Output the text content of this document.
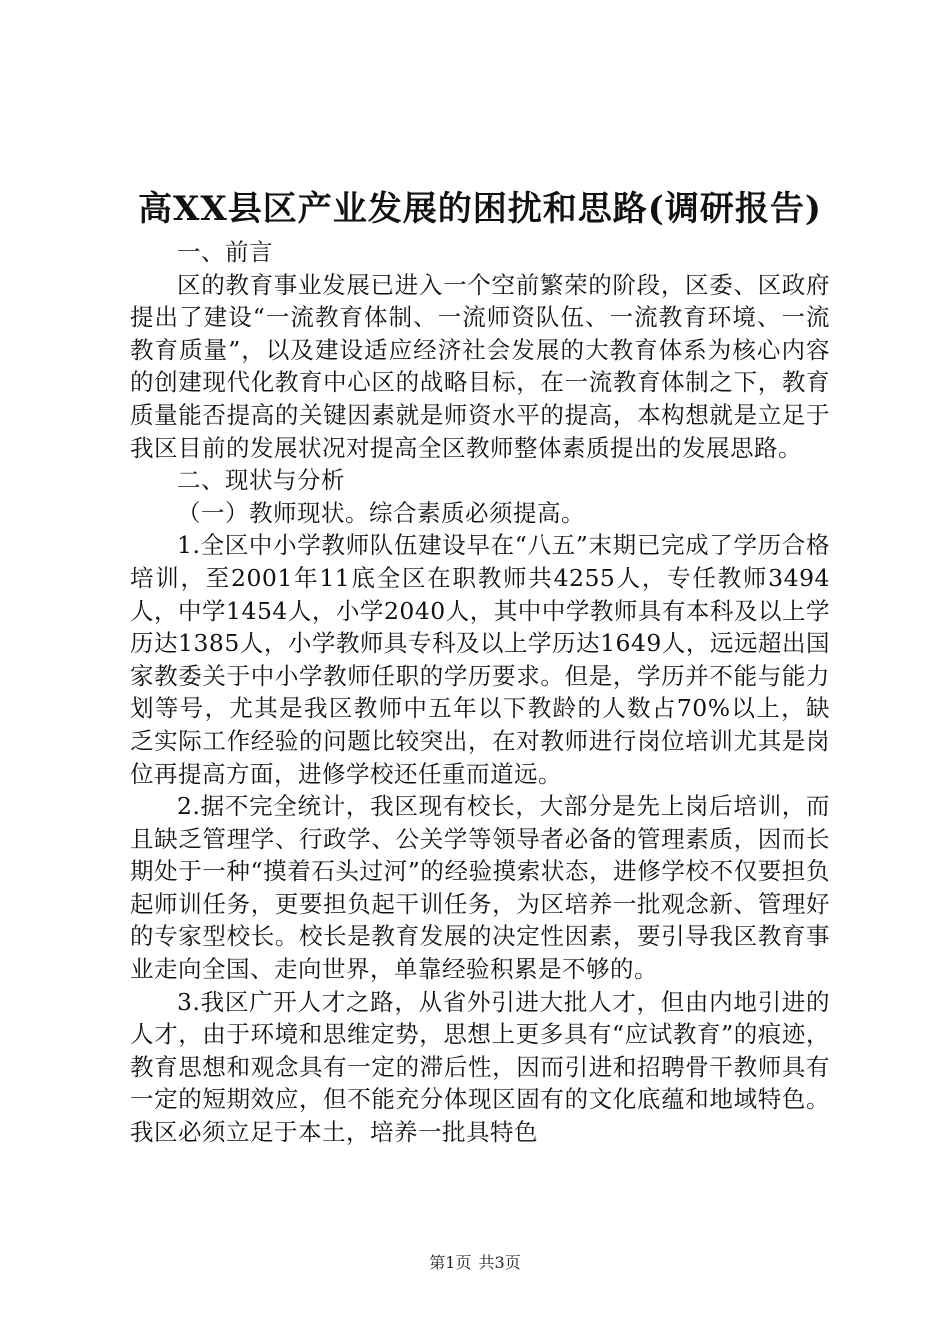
高XX县区产业发展的困扰和思路(调研报告)

一、前言

区的教育事业发展已进入一个空前繁荣的阶段，区委、区政府提出了建设“一流教育体制、一流师资队伍、一流教育环境、一流教育质量”，以及建设适应经济社会发展的大教育体系为核心内容的创建现代化教育中心区的战略目标，在一流教育体制之下，教育质量能否提高的关键因素就是师资水平的提高，本构想就是立足于我区目前的发展状况对提高全区教师整体素质提出的发展思路。

二、现状与分析

（一）教师现状。综合素质必须提高。

1.全区中小学教师队伍建设早在“八五”末期已完成了学历合格培训，至2001年11底全区在职教师共4255人，专任教师3494人，中学1454人，小学2040人，其中中学教师具有本科及以上学历达1385人，小学教师具专科及以上学历达1649人，远远超出国家教委关于中小学教师任职的学历要求。但是，学历并不能与能力划等号，尤其是我区教师中五年以下教龄的人数占70%以上，缺乏实际工作经验的问题比较突出，在对教师进行岗位培训尤其是岗位再提高方面，进修学校还任重而道远。

2.据不完全统计，我区现有校长，大部分是先上岗后培训，而且缺乏管理学、行政学、公关学等领导者必备的管理素质，因而长期处于一种“摸着石头过河”的经验摸索状态，进修学校不仅要担负起师训任务，更要担负起干训任务，为区培养一批观念新、管理好的专家型校长。校长是教育发展的决定性因素，要引导我区教育事业走向全国、走向世界，单靠经验积累是不够的。

3.我区广开人才之路，从省外引进大批人才，但由内地引进的人才，由于环境和思维定势，思想上更多具有“应试教育”的痕迹，教育思想和观念具有一定的滞后性，因而引进和招聘骨干教师具有一定的短期效应，但不能充分体现区固有的文化底蕴和地域特色。我区必须立足于本土，培养一批具特色

第1页 共3页
